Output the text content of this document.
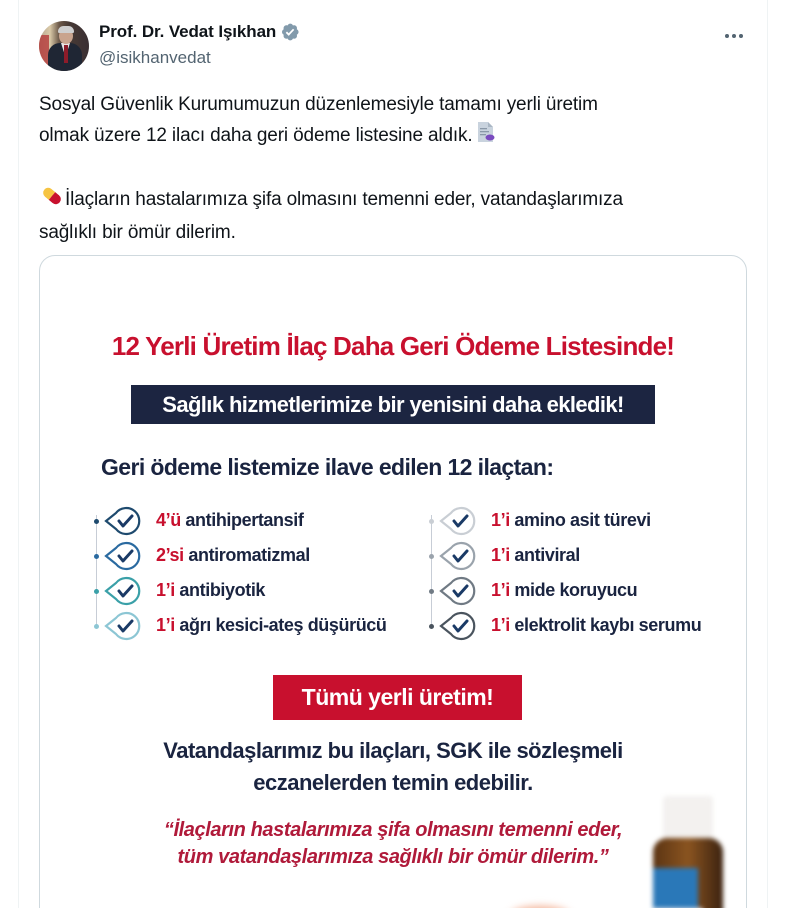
Prof. Dr. Vedat Işıkhan
@isikhanvedat

Sosyal Güvenlik Kurumumuzun düzenlemesiyle tamamı yerli üretim

olmak üzere 12 ilacı daha geri ödeme listesine aldık.

İlaçların hastalarımıza şifa olmasını temenni eder, vatandaşlarımıza

sağlıklı bir ömür dilerim.

12 Yerli Üretim İlaç Daha Geri Ödeme Listesinde!
Sağlık hizmetlerimize bir yenisini daha ekledik!
Geri ödeme listemize ilave edilen 12 ilaçtan:
4’ü antihipertansif
2’si antiromatizmal
1’i antibiyotik
1’i ağrı kesici-ateş düşürücü
1’i amino asit türevi
1’i antiviral
1’i mide koruyucu
1’i elektrolit kaybı serumu
Tümü yerli üretim!
Vatandaşlarımız bu ilaçları, SGK ile sözleşmeli
eczanelerden temin edebilir.
“İlaçların hastalarımıza şifa olmasını temenni eder,
tüm vatandaşlarımıza sağlıklı bir ömür dilerim.”
